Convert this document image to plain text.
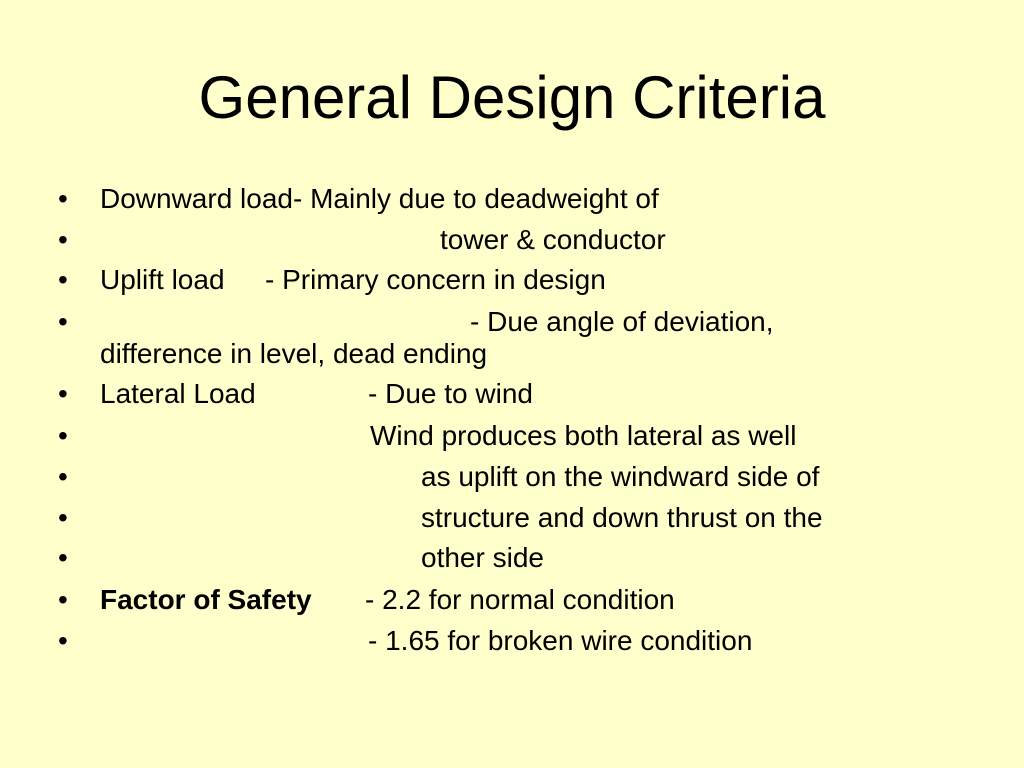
General Design Criteria
• Downward load- Mainly due to deadweight of
•	tower & conductor
• Uplift load - Primary concern in design
•	- Due angle of deviation,
difference in level, dead ending
• Lateral Load	- Due to wind
•	Wind produces both lateral as well
•	as uplift on the windward side of
•	structure and down thrust on the
•	other side
• Factor of Safety - 2.2 for normal condition
•	- 1.65 for broken wire condition
